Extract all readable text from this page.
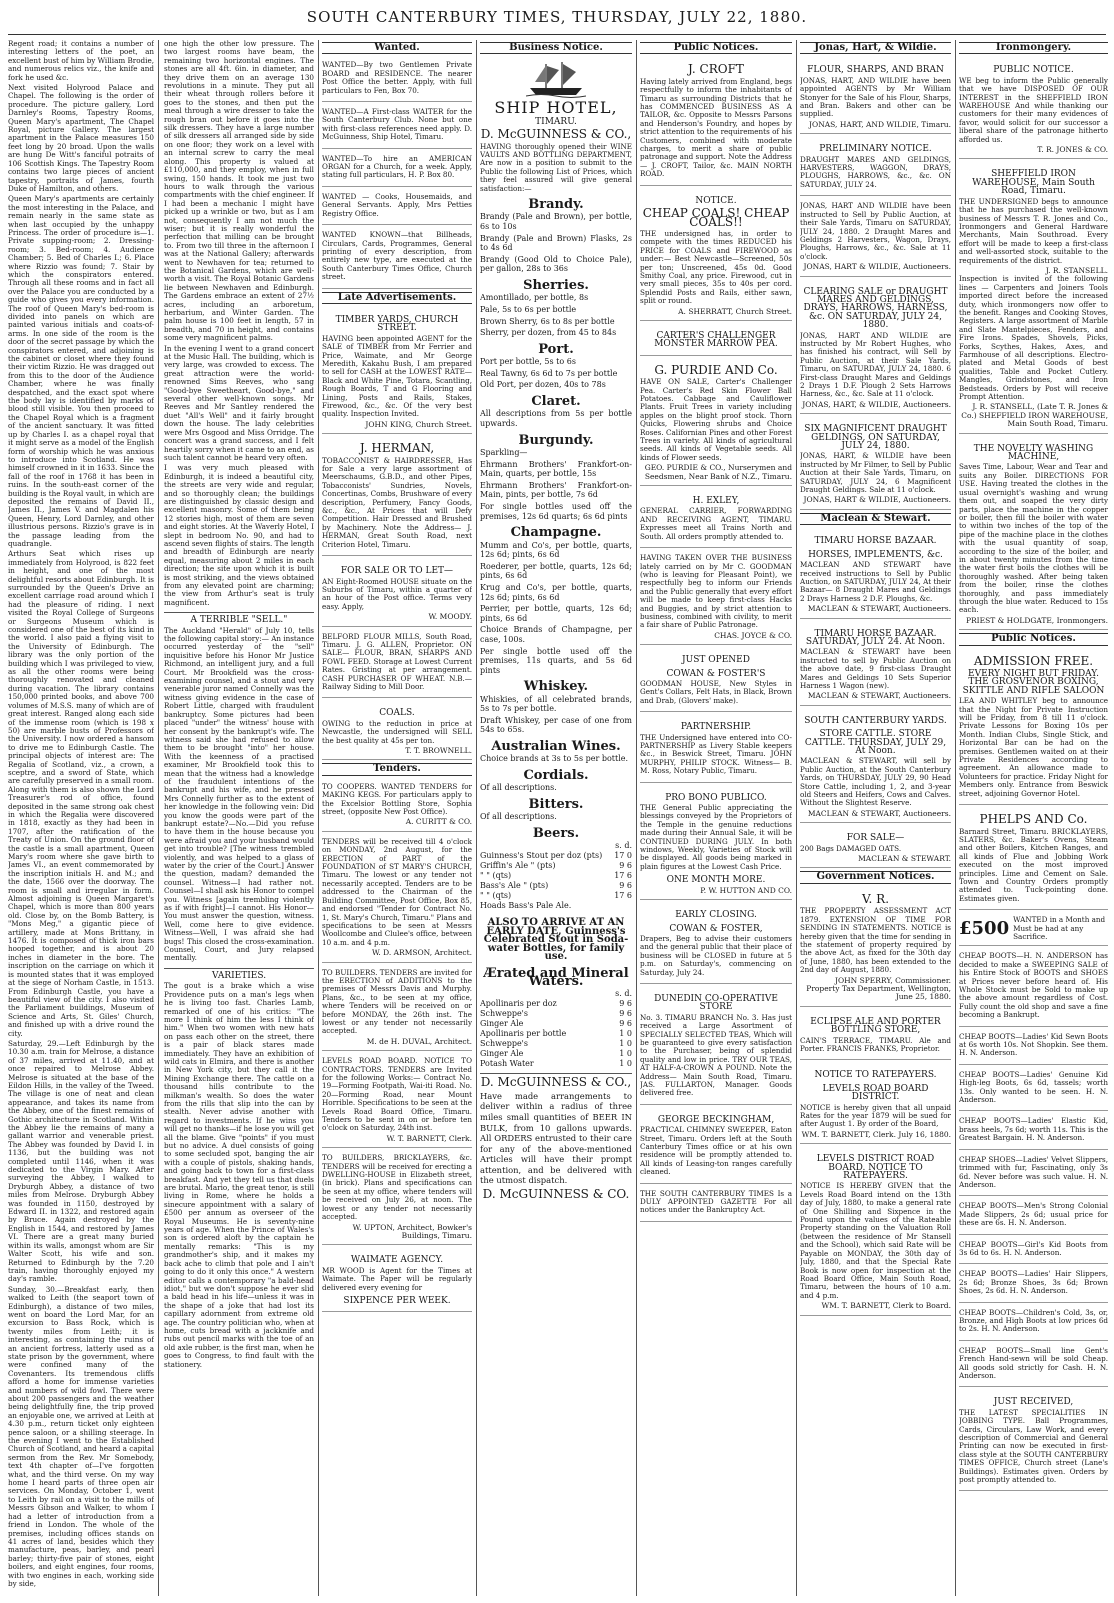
SOUTH CANTERBURY TIMES, THURSDAY, JULY 22, 1880.

Regent road; it contains a number of interesting letters of the poet, an excellent bust of him by William Brodie, and numerous relics viz., the knife and fork he used &c.

Next visited Holyrood Palace and Chapel. The following is the order of procedure. The picture gallery, Lord Darnley's Rooms, Tapestry Rooms, Queen Mary's apartment, The Chapel Royal, picture Gallery. The largest apartment in the Palace measures 150 feet long by 20 broad. Upon the walls are hung De Witt's fanciful potraits of 106 Scottish Kings. The Tapestry Room contains two large pieces of ancient tapestry, portraits of James, fourth Duke of Hamilton, and others.

Queen Mary's apartments are certainly the most interesting in the Palace, and remain nearly in the same state as when last occupied by the unhappy Princess. The order of procedure is—1. Private supping-room; 2. Dressing-room; 3. Bed-room; 4. Audience Chamber; 5. Bed of Charles I.; 6. Place where Rizzio was found; 7. Stair by which the conspirators entered. Through all these rooms and in fact all over the Palace you are conducted by a guide who gives you every information. The roof of Queen Mary's bed-room is divided into panels on which are painted various initials and coats-of-arms. In one side of the room is the door of the secret passage by which the conspirators entered, and adjoining is the cabinet or closet where they found their victim Rizzio. He was dragged out from this to the door of the Audience Chamber, where he was finally despatched, and the exact spot where the body lay is identified by marks of blood still visible. You then proceed to the Chapel Royal which is a fragment of the ancient sanctuary. It was fitted up by Charles I. as a chapel royal that it might serve as a model of the English form of worship which he was anxious to introduce into Scotland. He was himself crowned in it in 1633. Since the fall of the roof in 1768 it has been in ruins. In the south-east corner of the building is the Royal vault, in which are deposited the remains of David II., James II., James V. and Magdalen his Queen, Henry, Lord Darnley, and other illustrious persons. Rizzio's grave is in the passage leading from the quadrangle.

Arthurs Seat which rises up immediately from Holyrood, is 822 feet in height, and one of the most delightful resorts about Edinburgh. It is surrounded by the Queen's Drive an excellent carriage road around which I had the pleasure of riding. I next visited the Royal College of Surgeons or Surgeons Museum which is considered one of the best of its kind in the world. I also paid a flying visit to the University of Edinburgh. The library was the only portion of the building which I was privileged to view, as all the other rooms were being thoroughly renovated and cleaned during vacation. The library contains 150,000 printed books, and above 700 volumes of M.S.S. many of which are of great interest. Ranged along each side of the immense room (which is 198 x 50) are marble busts of Professors of the University. I now ordered a hansom to drive me to Edinburgh Castle. The principal objects of interest are: The Regalia of Scotland, viz., a crown, a sceptre, and a sword of State, which are carefully preserved in a small room. Along with them is also shown the Lord Treasurer's rod of office, found deposited in the same strong oak chest in which the Regalia were discovered in 1818, exactly as they had been in 1707, after the ratification of the Treaty of Union. On the ground floor of the castle is a small apartment, Queen Mary's room where she gave birth to James VI., an event commemorated by the inscription initials H. and M.; and the date, 1566 over the doorway. The room is small and irregular in form. Almost adjoining is Queen Margaret's Chapel, which is more than 800 years old. Close by, on the Bomb Battery, is "Mons Meg," a gigantic piece of artillery, made at Mons Brittany, in 1476. It is composed of thick iron bars hooped together, and is about 20 inches in diameter in the bore. The inscription on the carriage on which it is mounted states that it was employed at the siege of Norham Castle, in 1513. From Edinburgh Castle, you have a beautiful view of the city. I also visited the Parliament buildings, Museum of Science and Arts, St. Giles' Church, and finished up with a drive round the city.

Saturday, 29.—Left Edinburgh by the 10.30 a.m. train for Melrose, a distance of 37 miles, arrived at 11.40, and at once repaired to Melrose Abbey. Melrose is situated at the base of the Eildon Hills, in the valley of the Tweed. The village is one of neat and clean appearance, and takes its name from the Abbey, one of the finest remains of Gothic architecture in Scotland. Within the Abbey lie the remains of many a gallant warrior and venerable priest. The Abbey was founded by David I. in 1136, but the building was not completed until 1146, when it was dedicated to the Virgin Mary. After surveying the Abbey, I walked to Dryburgh Abbey, a distance of two miles from Melrose. Dryburgh Abbey was founded in 1150, destroyed by Edward II. in 1322, and restored again by Bruce. Again destroyed by the English in 1544, and restored by James VI. There are a great many buried within its walls, amongst whom are Sir Walter Scott, his wife and son. Returned to Edinburgh by the 7.20 train, having thoroughly enjoyed my day's ramble.

Sunday, 30.—Breakfast early, then walked to Leith (the seaport town of Edinburgh), a distance of two miles, went on board the Lord Mar, for an excursion to Bass Rock, which is twenty miles from Leith; it is interesting, as containing the ruins of an ancient fortress, latterly used as a state prison by the government, where were confined many of the Covenanters. Its tremendous cliffs afford a home for immense varieties and numbers of wild fowl. There were about 200 passengers and the weather being delightfully fine, the trip proved an enjoyable one, we arrived at Leith at 4.30 p.m., return ticket only eighteen pence saloon, or a shilling steerage. In the evening I went to the Established Church of Scotland, and heard a capital sermon from the Rev. Mr Somebody, text 4th chapter of—I've forgotten what, and the third verse. On my way home I heard parts of three open air services. On Monday, October 1, went to Leith by rail on a visit to the mills of Messrs Gibson and Walker, to whom I had a letter of introduction from a friend in London. The whole of the premises, including offices stands on 41 acres of land, besides which they manufacture, peas, barley, and pearl barley; thirty-five pair of stones, eight boilers, and eight engines, four rooms, with two engines in each, working side by side,

one high the other low pressure. The two largest rooms have beam, the remaining two horizontal engines. The stones are all 4ft. 6in. in diameter, and they drive them on an average 130 revolutions in a minute. They put all their wheat through rollers before it goes to the stones, and then put the meal through a wire dresser to take the rough bran out before it goes into the silk dressers. They have a large number of silk dressers all arranged side by side on one floor; they work on a level with an internal screw to carry the meal along. This property is valued at £110,000, and they employ, when in full swing, 150 hands. It took me just two hours to walk through the various compartments with the chief engineer. If I had been a mechanic I might have picked up a wrinkle or two, but as I am not, consequently I am not much the wiser; but it is really wonderful the perfection that milling can be brought to. From two till three in the afternoon I was at the National Gallery; afterwards went to Newhaven for tea; returned to the Botanical Gardens, which are well-worth a visit. The Royal Botanic Gardens lie between Newhaven and Edinburgh. The Gardens embrace an extent of 27½ acres, including an arboretum, herbarium, and Winter Garden. The palm house is 100 feet in length, 57 in breadth, and 70 in height, and contains some very magnificent palms.

In the evening I went to a grand concert at the Music Hall. The building, which is very large, was crowded to excess. The great attraction were the world-renowned Sims Reeves, who sang "Good-bye Sweetheart, Good-bye," and several other well-known songs. Mr Reeves and Mr Santley rendered the duet "All's Well" and it fairly brought down the house. The lady celebrities were Mrs Osgood and Miss Orridge. The concert was a grand success, and I felt heartily sorry when it came to an end, as such talent cannot be heard very often.

I was very much pleased with Edinburgh, it is indeed a beautiful city, the streets are very wide and regular, and so thoroughly clean; the buildings are distinguished by classic design and excellent masonry. Some of them being 12 stories high, most of them are seven and eight stories. At the Waverly Hotel, I slept in bedroom No. 90, and had to ascend seven flights of stairs. The length and breadth of Edinburgh are nearly equal, measuring about 2 miles in each direction; the site upon which it is built is most striking, and the views obtained from any elevated point are charming; the view from Arthur's seat is truly magnificent.

A TERRIBLE "SELL."

The Auckland "Herald" of July 10, tells the following capital story:— An instance occurred yesterday of the "sell" inquisitive before his Honor Mr Justice Richmond, an intelligent jury, and a full Court. Mr Brookfield was the cross-examining counsel, and a stout and very venerable juror named Connelly was the witness giving evidence in the case of Robert Little, charged with fraudulent bankruptcy. Some pictures had been placed "under" the witness' house with her consent by the bankrupt's wife. The witness said she had refused to allow them to be brought "into" her house. With the keenness of a practised examiner, Mr Brookfield took this to mean that the witness had a knowledge of the fraudulent intentions of the bankrupt and his wife, and he pressed Mrs Connelly further as to the extent of her knowledge in the following vein: Did you know the goods were part of the bankrupt estate?—No.—Did you refuse to have them in the house because you were afraid you and your husband would get into trouble? [The witness trembled violently, and was helped to a glass of water by the crier of the Court.] Answer the question, madam? demanded the counsel. Witness—I had rather not. Counsel—I shall ask his Honor to compel you. Witness [again trembling violently as if with fright]—I cannot. His Honor—You must answer the question, witness. Well, come here to give evidence. Witness—Well, I was afraid she had bugs! This closed the cross-examination. Counsel, Court, and Jury relapsed mentally.

VARIETIES.

The gout is a brake which a wise Providence puts on a man's legs when he is living too fast. Charles Lamb, remarked of one of his critics: "The more I think of him the less I think of him." When two women with new hats on pass each other on the street, there is a pair of black stares made immediately. They have an exhibition of wild cats in Elmira, and there is another in New York city, but they call it the Mining Exchange there. The cattle on a thousand hills contribute to the milkman's wealth. So does the water from the rills that slip into the can by stealth. Never advise another with regard to investments. If he wins you will get no thanks—if he lose you will get all the blame. Give "points" if you must but no advice. A duel consists of going to some secluded spot, banging the air with a couple of pistols, shaking hands, and going back to town for a first-class breakfast. And yet they tell us that duels are brutal. Mario, the great tenor, is still living in Rome, where he holds a sinecure appointment with a salary of £500 per annum as overseer of the Royal Museums. He is seventy-nine years of age. When the Prince of Wales's son is ordered aloft by the captain he mentally remarks: "This is my grandmother's ship, and it makes my back ache to climb that pole and I ain't going to do it only this once." A western editor calls a contemporary "a bald-head idiot," but we don't suppose he ever slid a bald head in his life—unless it was in the shape of a joke that had lost its capillary adornment from extreme old age. The country politician who, when at home, cuts bread with a jackknife and rubs out pencil marks with the toe of an old axle rubber, is the first man, when he goes to Congress, to find fault with the stationery.

Wanted.

WANTED—By two Gentlemen Private BOARD and RESIDENCE. The nearer Post Office the better. Apply, with full particulars to Fen, Box 70.

WANTED—A First-class WAITER for the South Canterbury Club. None but one with first-class references need apply. D. McGuinness, Ship Hotel, Timaru.

WANTED—To hire an AMERICAN ORGAN for a Church, for a week. Apply, stating full particulars, H. P. Box 80.

WANTED — Cooks, Housemaids, and General Servants. Apply, Mrs Petties Registry Office.

WANTED KNOWN—that Billheads, Circulars, Cards, Programmes, General printing of every description, from entirely new type, are executed at the South Canterbury Times Office, Church street.

Late Advertisements.
TIMBER YARDS, CHURCH STREET.

HAVING been appointed AGENT for the SALE of TIMBER from Mr Ferrier and Price, Waimate, and Mr George Meredith, Kakahu Bush, I am prepared to sell for CASH at the LOWEST RATE— Black and White Pine, Totara, Scantling, Rough Boards, T and G Flooring and Lining, Posts and Rails, Stakes, Firewood, &c., &c. Of the very best quality. Inspection Invited.

JOHN KING, Church Street.
J. HERMAN,

TOBACCONIST & HAIRDRESSER, Has for Sale a very large assortment of Meerschaums, G.B.D., and other Pipes, Tobacconists' Sundries, Novels, Concertinas, Combs, Brushware of every description, Perfumery, Fancy Goods, &c., &c., At Prices that will Defy Competition. Hair Dressed and Brushed by Machinery. Note the Address— J. HERMAN, Great South Road, next Criterion Hotel, Timaru.

FOR SALE OR TO LET—

AN Eight-Roomed HOUSE situate on the Suburbs of Timaru, within a quarter of an hour of the Post office. Terms very easy. Apply,

W. MOODY.

BELFORD FLOUR MILLS, South Road, Timaru. J. G. ALLEN, Proprietor. ON SALE— FLOUR, BRAN, SHARPS AND FOWL FEED. Storage at Lowest Current Rates. Gristing at per arrangement. CASH PURCHASER OF WHEAT. N.B.—Railway Siding to Mill Door.

COALS.

OWING to the reduction in price at Newcastle, the undersigned will SELL the best quality at 45s per ton.

T. T. BROWNELL.
Tenders.

TO COOPERS. WANTED TENDERS for MAKING KEGS. For particulars apply to the Excelsior Bottling Store, Sophia street, (opposite New Post Office).

A. CURITT & CO.

TENDERS will be received till 4 o'clock on MONDAY, 2nd August, for the ERECTION of PART of the FOUNDATION of ST MARY'S CHURCH, Timaru. The lowest or any tender not necessarily accepted. Tenders are to be addressed to the Chairman of the Building Committee, Post Office, Box 85, and endorsed "Tender for Contract No. 1, St. Mary's Church, Timaru." Plans and specifications to be seen at Messrs Woollcombe and Clulee's office, between 10 a.m. and 4 p.m.

W. D. ARMSON, Architect.

TO BUILDERS. TENDERS are invited for the ERECTION of ADDITIONS to the premises of Messrs Davis and Murphy. Plans, &c., to be seen at my office, where Tenders will be received on or before MONDAY, the 26th inst. The lowest or any tender not necessarily accepted.

M. de H. DUVAL, Architect.

LEVELS ROAD BOARD. NOTICE TO CONTRACTORS. TENDERS are Invited for the following Works:— Contract No. 19—Forming Footpath, Wai-iti Road. No. 20—Forming Road, near Mount Horrible. Specifications to be seen at the Levels Road Board Office, Timaru. Tenders to be sent in on or before ten o'clock on Saturday, 24th inst.

W. T. BARNETT, Clerk.

TO BUILDERS, BRICKLAYERS, &c. TENDERS will be received for erecting a DWELLING-HOUSE in Elizabeth street, (in brick). Plans and specifications can be seen at my office, where tenders will be received on July 26, at noon. The lowest or any tender not necessarily accepted.

W. UPTON, Architect, Bowker's Buildings, Timaru.
WAIMATE AGENCY.

MR WOOD is Agent for the Times at Waimate. The Paper will be regularly delivered every evening for

SIXPENCE PER WEEK.
Business Notice.
SHIP HOTEL,
TIMARU.
D. McGUINNESS & CO.,

HAVING thoroughly opened their WINE VAULTS AND BOTTLING DEPARTMENT, Are now in a position to submit to the Public the following List of Prices, which they feel assured will give general satisfaction:—

Brandy.

Brandy (Pale and Brown), per bottle, 6s to 10s

Brandy (Pale and Brown) Flasks, 2s to 4s 6d

Brandy (Good Old to Choice Pale), per gallon, 28s to 36s

Sherries.

Amontillado, per bottle, 8s

Pale, 5s to 6s per bottle

Brown Sherry, 6s to 8s per bottle

Sherry, per dozen, from 45 to 84s

Port.

Port per bottle, 5s to 6s

Real Tawny, 6s 6d to 7s per bottle

Old Port, per dozen, 40s to 78s

Claret.

All descriptions from 5s per bottle upwards.

Burgundy.

Sparkling—

Ehrmann Brothers' Frankfort-on-Main, quarts, per bottle, 15s

Ehrmann Brothers' Frankfort-on-Main, pints, per bottle, 7s 6d

For single bottles used off the premises, 12s 6d quarts; 6s 6d pints

Champagne.

Mumm and Co's, per bottle, quarts, 12s 6d; pints, 6s 6d

Roederer, per bottle, quarts, 12s 6d; pints, 6s 6d

Krug and Co's, per bottle, quarts, 12s 6d; pints, 6s 6d

Perrier, per bottle, quarts, 12s 6d; pints, 6s 6d

Choice Brands of Champagne, per case, 100s.

Per single bottle used off the premises, 11s quarts, and 5s 6d pints

Whiskey.

Whiskies, of all celebrated brands, 5s to 7s per bottle.

Draft Whiskey, per case of one from 54s to 65s.

Australian Wines.

Choice brands at 3s to 5s per bottle.

Cordials.

Of all descriptions.

Bitters.

Of all descriptions.

Beers.
s. d.
Guinness's Stout per doz (pts) 17 0
Griffin's Ale " (pts)	9 6
" " (qts)	17 6
Bass's Ale " (pts)	9 6
" " (qts)	17 6
Hoads Bass's Pale Ale.
ALSO TO ARRIVE AT AN EARLY DATE, Guinness's Celebrated Stout in Soda-water Bottles, for family use.
Ærated and Mineral Waters.
s. d.
Apollinaris per doz	9 6
Schweppe's	9 6
Ginger Ale	9 6
Apollinaris per bottle	1 0
Schweppe's	1 0
Ginger Ale	1 0
Potash Water	1 0
D. McGUINNESS & CO.,

Have made arrangements to deliver within a radius of three miles small quantities of BEER IN BULK, from 10 gallons upwards. All ORDERS entrusted to their care for any of the above-mentioned Articles will have their prompt attention, and be delivered with the utmost dispatch.

D. McGUINNESS & CO.
Public Notices.
J. CROFT

Having lately arrived from England, begs respectfully to inform the inhabitants of Timaru as surrounding Districts that he has COMMENCED BUSINESS AS A TAILOR, &c. Opposite to Messrs Parsons and Henderson's Foundry, and hopes by strict attention to the requirements of his Customers, combined with moderate charges, to merit a share of public patronage and support. Note the Address— J. CROFT, Tailor, &c. MAIN NORTH ROAD.

NOTICE.
CHEAP COALS! CHEAP COALS!!

THE undersigned has, in order to compete with the times REDUCED his PRICE for COALS and FIREWOOD as under:— Best Newcastle—Screened, 50s per ton; Unscreened, 45s 0d. Good Smithy Coal, any price. Firewood, cut in very small pieces, 35s to 40s per cord. Splendid Posts and Rails, either sawn, split or round.

A. SHERRATT, Church Street.
CARTER'S CHALLENGER MONSTER MARROW PEA.
G. PURDIE AND Co.

HAVE ON SALE, Carter's Challenger Pea. Carter's Red Skin Flower Ball Potatoes. Cabbage and Cauliflower Plants. Fruit Trees in variety including apples on the blight proof stock. Thorn Quicks, Flowering shrubs and Choice Roses. Californian Pines and other Forest Trees in variety. All kinds of agricultural seeds. All kinds of Vegetable seeds. All kinds of Flower seeds.

GEO. PURDIE & CO., Nurserymen and Seedsmen, Near Bank of N.Z., Timaru.
H. EXLEY,

GENERAL CARRIER, FORWARDING AND RECEIVING AGENT, TIMARU. Expresses meet all Trains North and South. All orders promptly attended to.

HAVING TAKEN OVER THE BUSINESS lately carried on by Mr C. GOODMAN (who is leaving for Pleasant Point), we respectfully beg to inform our Friends and the Public generally that every effort will be made to keep first-class Hacks and Buggies, and by strict attention to business, combined with civility, to merit a fair share of Public Patronage.

CHAS. JOYCE & CO.
JUST OPENED
COWAN & FOSTER'S

GOODMAN HOUSE, New Styles in Gent's Collars, Felt Hats, in Black, Brown and Drab, (Glovers' make).

PARTNERSHIP.

THE Undersigned have entered into CO-PARTNERSHIP as Livery Stable keepers &c., in Beswick Street, Timaru. JOHN MURPHY, PHILIP STOCK. Witness— B. M. Ross, Notary Public, Timaru.

PRO BONO PUBLICO.

THE General Public appreciating the blessings conveyed by the Proprietors of the Temple in the genuine reductions made during their Annual Sale, it will be CONTINUED DURING JULY. In both windows, Weekly, Varieties of Stock will be displayed. All goods being marked in plain figures at the Lowest Cash Price.

ONE MONTH MORE.
P. W. HUTTON AND CO.
EARLY CLOSING.
COWAN & FOSTER,

Drapers, Beg to advise their customers and the general public that their place of business will be CLOSED in future at 5 p.m. on Saturday's, commencing on Saturday, July 24.

DUNEDIN CO-OPERATIVE STORE

No. 3. TIMARU BRANCH No. 3. Has just received a Large Assortment of SPECIALLY SELECTED TEAS, Which will be guaranteed to give every satisfaction to the Purchaser, being of splendid quality and low in price. TRY OUR TEAS, AT HALF-A-CROWN A POUND. Note the Address— Main South Road, Timaru. JAS. FULLARTON, Manager. Goods delivered free.

GEORGE BECKINGHAM,

PRACTICAL CHIMNEY SWEEPER, Eaton Street, Timaru. Orders left at the South Canterbury Times office or at his own residence will be promptly attended to. All kinds of Leasing-ton ranges carefully cleaned.

THE SOUTH CANTERBURY TIMES Is a DULY APPOINTED GAZETTE For all notices under the Bankruptcy Act.

Jonas, Hart, & Wildie.
FLOUR, SHARPS, AND BRAN

JONAS, HART, AND WILDIE have been appointed AGENTS by Mr William Stonyer for the Sale of his Flour, Sharps, and Bran. Bakers and other can be supplied.

JONAS, HART, AND WILDIE, Timaru.
PRELIMINARY NOTICE.

DRAUGHT MARES AND GELDINGS, HARVESTERS, WAGGON, DRAYS, PLOUGHS, HARROWS, &c., &c. ON SATURDAY, JULY 24.

JONAS, HART AND WILDIE have been instructed to Sell by Public Auction, at their Sale Yards, Timaru on SATURDAY, JULY 24, 1880. 2 Draught Mares and Geldings 2 Harvesters, Wagon, Drays, Ploughs, Harrows, &c., &c. Sale at 11 o'clock.

JONAS, HART & WILDIE, Auctioneers.
CLEARING SALE or DRAUGHT MARES AND GELDINGS, DRAYS, HARROWS, HARNESS, &c. ON SATURDAY, JULY 24, 1880.

JONAS, HART AND WILDIE are instructed by Mr Robert Hughes, who has finished his contract, will Sell by Public Auction, at their Sale Yards, Timaru, on SATURDAY, JULY 24, 1880. 6 First-class Draught Mares and Geldings 2 Drays 1 D.F. Plough 2 Sets Harrows Harness, &c., &c. Sale at 11 o'clock.

JONAS, HART, & WILDIE, Auctioneers.
SIX MAGNIFICENT DRAUGHT GELDINGS, ON SATURDAY, JULY 24, 1880.

JONAS, HART, & WILDIE have been instructed by Mr Filmer, to Sell by Public Auction at their Sale Yards, Timaru, on SATURDAY, JULY 24, 6 Magnificent Draught Geldings. Sale at 11 o'clock.

JONAS, HART & WILDIE, Auctioneers.
Maclean & Stewart.
TIMARU HORSE BAZAAR.
HORSES, IMPLEMENTS, &c.

MACLEAN AND STEWART have received instructions to Sell by Public Auction, on SATURDAY, JULY 24, At their Bazaar— 8 Draught Mares and Geldings 2 Drays Harness 2 D.F. Ploughs, &c.

MACLEAN & STEWART, Auctioneers.
TIMARU HORSE BAZAAR. SATURDAY, JULY 24. At Noon.

MACLEAN & STEWART have been instructed to sell by Public Auction on the above date, 9 first-class Draught Mares and Geldings 10 Sets Superior Harness 1 Wagon (new).

MACLEAN & STEWART, Auctioneers.
SOUTH CANTERBURY YARDS.
STORE CATTLE. STORE CATTLE. THURSDAY, JULY 29, At Noon.

MACLEAN & STEWART, will sell by Public Auction, at the South Canterbury Yards, on THURSDAY, JULY 29, 90 Head Store Cattle, including 1, 2, and 3-year old Steers and Heifers, Cows and Calves. Without the Slightest Reserve.

MACLEAN & STEWART, Auctioneers.
FOR SALE—

200 Bags DAMAGED OATS.

MACLEAN & STEWART.
Government Notices.
V. R.

THE PROPERTY ASSESSMENT ACT 1879. EXTENSION OF TIME FOR SENDING IN STATEMENTS. NOTICE is hereby given that the time for sending in the statement of property required by the above Act, as fixed for the 30th day of June, 1880, has been extended to the 2nd day of August, 1880.

JOHN SPERRY, Commissioner. Property Tax Department, Wellington, June 25, 1880.
ECLIPSE ALE AND PORTER BOTTLING STORE,

CAIN'S TERRACE, TIMARU. Ale and Porter. FRANCIS FRANKS, Proprietor.

NOTICE TO RATEPAYERS.
LEVELS ROAD BOARD DISTRICT.

NOTICE is hereby given that all unpaid Rates for the year 1879 will be sued for after August 1. By order of the Board,

WM. T. BARNETT, Clerk. July 16, 1880.
LEVELS DISTRICT ROAD BOARD. NOTICE TO RATEPAYERS.

NOTICE IS HEREBY GIVEN that the Levels Road Board intend on the 13th day of July, 1880, to make a general rate of One Shilling and Sixpence in the Pound upon the values of the Rateable Property standing on the Valuation Roll (between the residence of Mr Stansell and the School), which said Rate will be Payable on MONDAY, the 30th day of July, 1880, and that the Special Rate Book is now open for inspection at the Road Board Office, Main South Road, Timaru, between the hours of 10 a.m. and 4 p.m.

WM. T. BARNETT, Clerk to Board.
Ironmongery.
PUBLIC NOTICE.

WE beg to inform the Public generally that we have DISPOSED OF OUR INTEREST in the SHEFFIELD IRON WAREHOUSE And while thanking our customers for their many evidences of favor, would solicit for our successor a liberal share of the patronage hitherto afforded us.

T. R. JONES & CO.
SHEFFIELD IRON WAREHOUSE, Main South Road, Timaru.

THE UNDERSIGNED begs to announce that he has purchased the well-known business of Messrs T. R. Jones and Co., Ironmongers and General Hardware Merchants, Main Southroad. Every effort will be made to keep a first-class and well-assorted stock, suitable to the requirements of the district.

J. R. STANSELL.

Inspection is invited of the following lines — Carpenters and Joiners Tools imported direct before the increased duty, which ironmongers now offer to the benefit. Ranges and Cooking Stoves, Registers. A large assortment of Marble and Slate Mantelpieces, Fenders, and Fire Irons. Spades, Shovels, Picks, Forks, Scythes, Hakes, Axes, and Farmhouse of all descriptions. Electro-plated and Metal Goods of best qualities, Table and Pocket Cutlery. Mangles, Grindstones, and Iron Bedsteads. Orders by Post will receive Prompt Attention.

J. R. STANSELL, (Late T. R. Jones & Co.) SHEFFIELD IRON WAREHOUSE, Main South Road, Timaru.
THE NOVELTY WASHING MACHINE,

Saves Time, Labour, Wear and Tear and suits any Boiler. DIRECTIONS FOR USE. Having treated the clothes in the usual overnight's washing and wrung them out, and soaped the very dirty parts, place the machine in the copper or boiler, then fill the boiler with water to within two inches of the top of the pipe of the machine place in the clothes with the usual quantity of soap, according to the size of the boiler, and in about twenty minutes from the time the water first boils the clothes will be thoroughly washed. After being taken from the boiler, rinse the clothes thoroughly, and pass immediately through the blue water. Reduced to 15s each.

PRIEST & HOLDGATE, Ironmongers.
Public Notices.
ADMISSION FREE.
EVERY NIGHT BUT FRIDAY. THE GROSVENOR BOXING, SKITTLE AND RIFLE SALOON

LEA AND WHITLEY beg to announce that the Night for Private Instruction will be Friday, from 8 till 11 o'clock. Private Lessons for Boxing 10s per Month. Indian Clubs, Single Stick, and Horizontal Bar can be had on the premises. Gentlemen waited on at their Private Residences according to agreement. An allowance made to Volunteers for practice. Friday Night for Members only. Entrance from Beswick street, adjoining Governor Hotel.

PHELPS AND Co.

Barnard Street, Timaru. BRICKLAYERS, SLATERS, &c. Baker's Ovens, Steam and other Boilers, Kitchen Ranges, and all kinds of Flue and Jobbing Work executed on the most improved principles. Lime and Cement on Sale. Town and Country Orders promptly attended to. Tuck-pointing done. Estimates given.

£500 WANTED in a Month and Must be had at any Sacrifice.

CHEAP BOOTS—H. N. ANDERSON has decided to make a SWEEPING SALE of his Entire Stock of BOOTS and SHOES at Prices never before heard of. His Whole Stock must be Sold to make up the above amount regardless of Cost. Fully count the old shop and save a fine becoming a Bankrupt.

CHEAP BOOTS—Ladies' Kid Sewn Boots at 6s worth 10s. Not Shopkin. See them. H. N. Anderson.

CHEAP BOOTS—Ladies' Genuine Kid High-leg Boots, 6s 6d, tassels; worth 13s. Only wanted to be seen. H. N. Anderson.

CHEAP BOOTS—Ladies' Elastic Kid, brass heels, 7s 6d; worth 11s. This is the Greatest Bargain. H. N. Anderson.

CHEAP SHOES—Ladies' Velvet Slippers, trimmed with fur, Fascinating, only 3s 6d. Never before was such value. H. N. Anderson.

CHEAP BOOTS—Men's Strong Colonial Made Slippers, 2s 6d; usual price for these are 6s. H. N. Anderson.

CHEAP BOOTS—Girl's Kid Boots from 3s 6d to 6s. H. N. Anderson.

CHEAP BOOTS—Ladies' Hair Slippers, 2s 6d; Bronze Shoes, 3s 6d; Brown Shoes, 2s 6d. H. N. Anderson.

CHEAP BOOTS—Children's Cold, 3s, or, Bronze, and High Boots at low prices 6d to 2s. H. N. Anderson.

CHEAP BOOTS—Small line Gent's French Hand-sewn will be sold Cheap. All goods sold strictly for Cash. H. N. Anderson.

JUST RECEIVED,

THE LATEST SPECIALITIES IN JOBBING TYPE. Ball Programmes, Cards, Circulars, Law Work, and every description of Commercial and General Printing can now be executed in first-class style at the SOUTH CANTERBURY TIMES OFFICE, Church street (Lane's Buildings). Estimates given. Orders by post promptly attended to.
